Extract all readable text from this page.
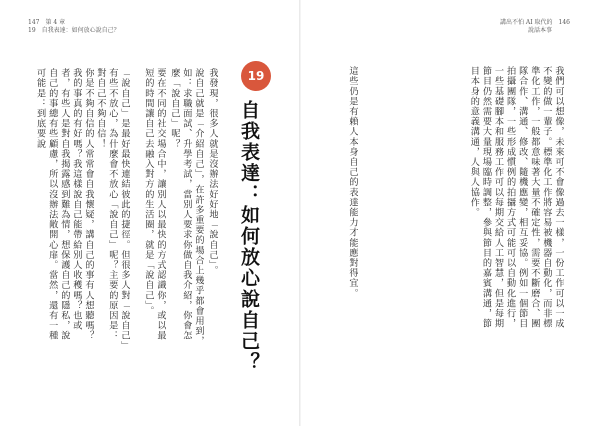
147　 第 4 章
19　自我表達：如何放心說自己？
講出不怕 AI 取代的　 146
說話本事
我們可以想像，未來可不會像過去一樣，一份工作可以一成不變的做一輩子。標準化工作將容易被機器自動化，而非標準化工作，一般都意味著大量不確定性，需要不斷磨合、團隊合作、溝通、修改、隨機應變，相互妥協。例如一個節目拍攝團隊，一些形成慣例的拍攝方式可能可以自動化進行，一些基礎腳本和服務工作可以每期交給人工智慧，但是每期節目仍然需要大量現場臨時調整，參與節目的嘉賓溝通，節目本身的意義溝通，人與人協作。
這些仍是有賴人本身自己的表達能力才能應對得宜。
19
自我表達：如何放心說自己？
我發現，很多人就是沒辦法好好地「說自己」。
說自己就是「介紹自己」，在許多重要的場合上幾乎都會用到，如：求職面試、升學考試，當別人要求你做自我介紹，你會怎麼「說自己」呢？
要在不同的社交場合中，讓別人以最快的方式認識你，或以最短的時間讓自己去融入對方的生活圈，就是「說自己」。
「說自己」是最好最快連結彼此的捷徑。但很多人對「說自己」有些不放心，為什麼會不放心「說自己」呢？主要的原因是：對自己不夠自信！
你是不夠自信的人常常會自我懷疑，講自己的事有人想聽嗎？我的事真的有好嗎？我這樣說自己能帶給別人收穫嗎？也或者，有些人是對自我揭露感到難為情，想保護自己的隱私，說自己的事總有些顧慮，所以沒辦法敞開心扉。當然，還有一種可能是：到底要說
